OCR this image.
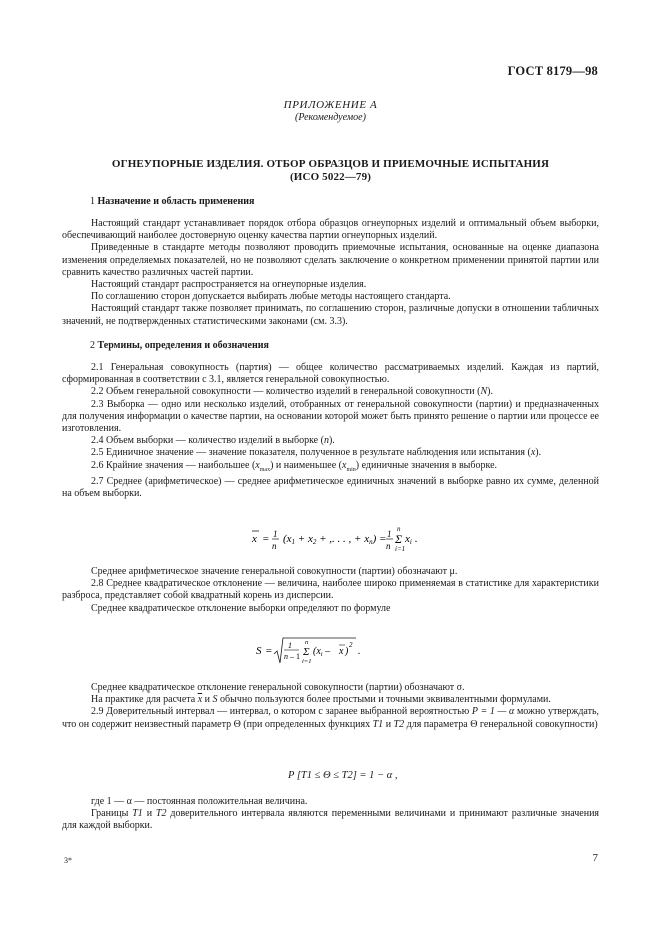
ГОСТ 8179—98
ПРИЛОЖЕНИЕ А
(Рекомендуемое)
ОГНЕУПОРНЫЕ ИЗДЕЛИЯ. ОТБОР ОБРАЗЦОВ И ПРИЕМОЧНЫЕ ИСПЫТАНИЯ
(ИСО 5022—79)
1 Назначение и область применения

Настоящий стандарт устанавливает порядок отбора образцов огнеупорных изделий и оптимальный объем выборки, обеспечивающий наиболее достоверную оценку качества партии огнеупорных изделий.

Приведенные в стандарте методы позволяют проводить приемочные испытания, основанные на оценке диапазона изменения определяемых показателей, но не позволяют сделать заключение о конкретном применении принятой партии или сравнить качество различных частей партии.

Настоящий стандарт распространяется на огнеупорные изделия.

По соглашению сторон допускается выбирать любые методы настоящего стандарта.

Настоящий стандарт также позволяет принимать, по соглашению сторон, различные допуски в отношении табличных значений, не подтвержденных статистическими законами (см. 3.3).

2 Термины, определения и обозначения

2.1 Генеральная совокупность (партия) — общее количество рассматриваемых изделий. Каждая из партий, сформированная в соответствии с 3.1, является генеральной совокупностью.

2.2 Объем генеральной совокупности — количество изделий в генеральной совокупности (N).

2.3 Выборка — одно или несколько изделий, отобранных от генеральной совокупности (партии) и предназначенных для получения информации о качестве партии, на основании которой может быть принято решение о партии или процессе ее изготовления.

2.4 Объем выборки — количество изделий в выборке (n).

2.5 Единичное значение — значение показателя, полученное в результате наблюдения или испытания (x).

2.6 Крайние значения — наибольшее $(x_{max})$ и наименьшее $(x_{min})$ единичные значения в выборке.

2.7 Среднее (арифметическое) — среднее арифметическое единичных значений в выборке равно их сумме, деленной на объем выборки.

x = 1
n
(x1 + x2 + ,. . . , + xn) = 1
n
n
Σ
i=1
xi .

Среднее арифметическое значение генеральной совокупности (партии) обозначают μ.

2.8 Среднее квадратическое отклонение — величина, наиболее широко применяемая в статистике для характеристики разброса, представляет собой квадратный корень из дисперсии.

Среднее квадратическое отклонение выборки определяют по формуле

S = 1
n – 1
n
Σ
i=1
($x_i$ – x )
2
.

Среднее квадратическое отклонение генеральной совокупности (партии) обозначают σ.

На практике для расчета $\overline{x}$ и S обычно пользуются более простыми и точными эквивалентными формулами.

2.9 Доверительный интервал — интервал, о котором с заранее выбранной вероятностью P = 1 — α можно утверждать, что он содержит неизвестный параметр Θ (при определенных функциях T1 и T2 для параметра Θ генеральной совокупности)

P [T1 ≤ Θ ≤ T2] = 1 − α ,

где 1 — α — постоянная положительная величина.

Границы T1 и T2 доверительного интервала являются переменными величинами и принимают различные значения для каждой выборки.

3*	7
